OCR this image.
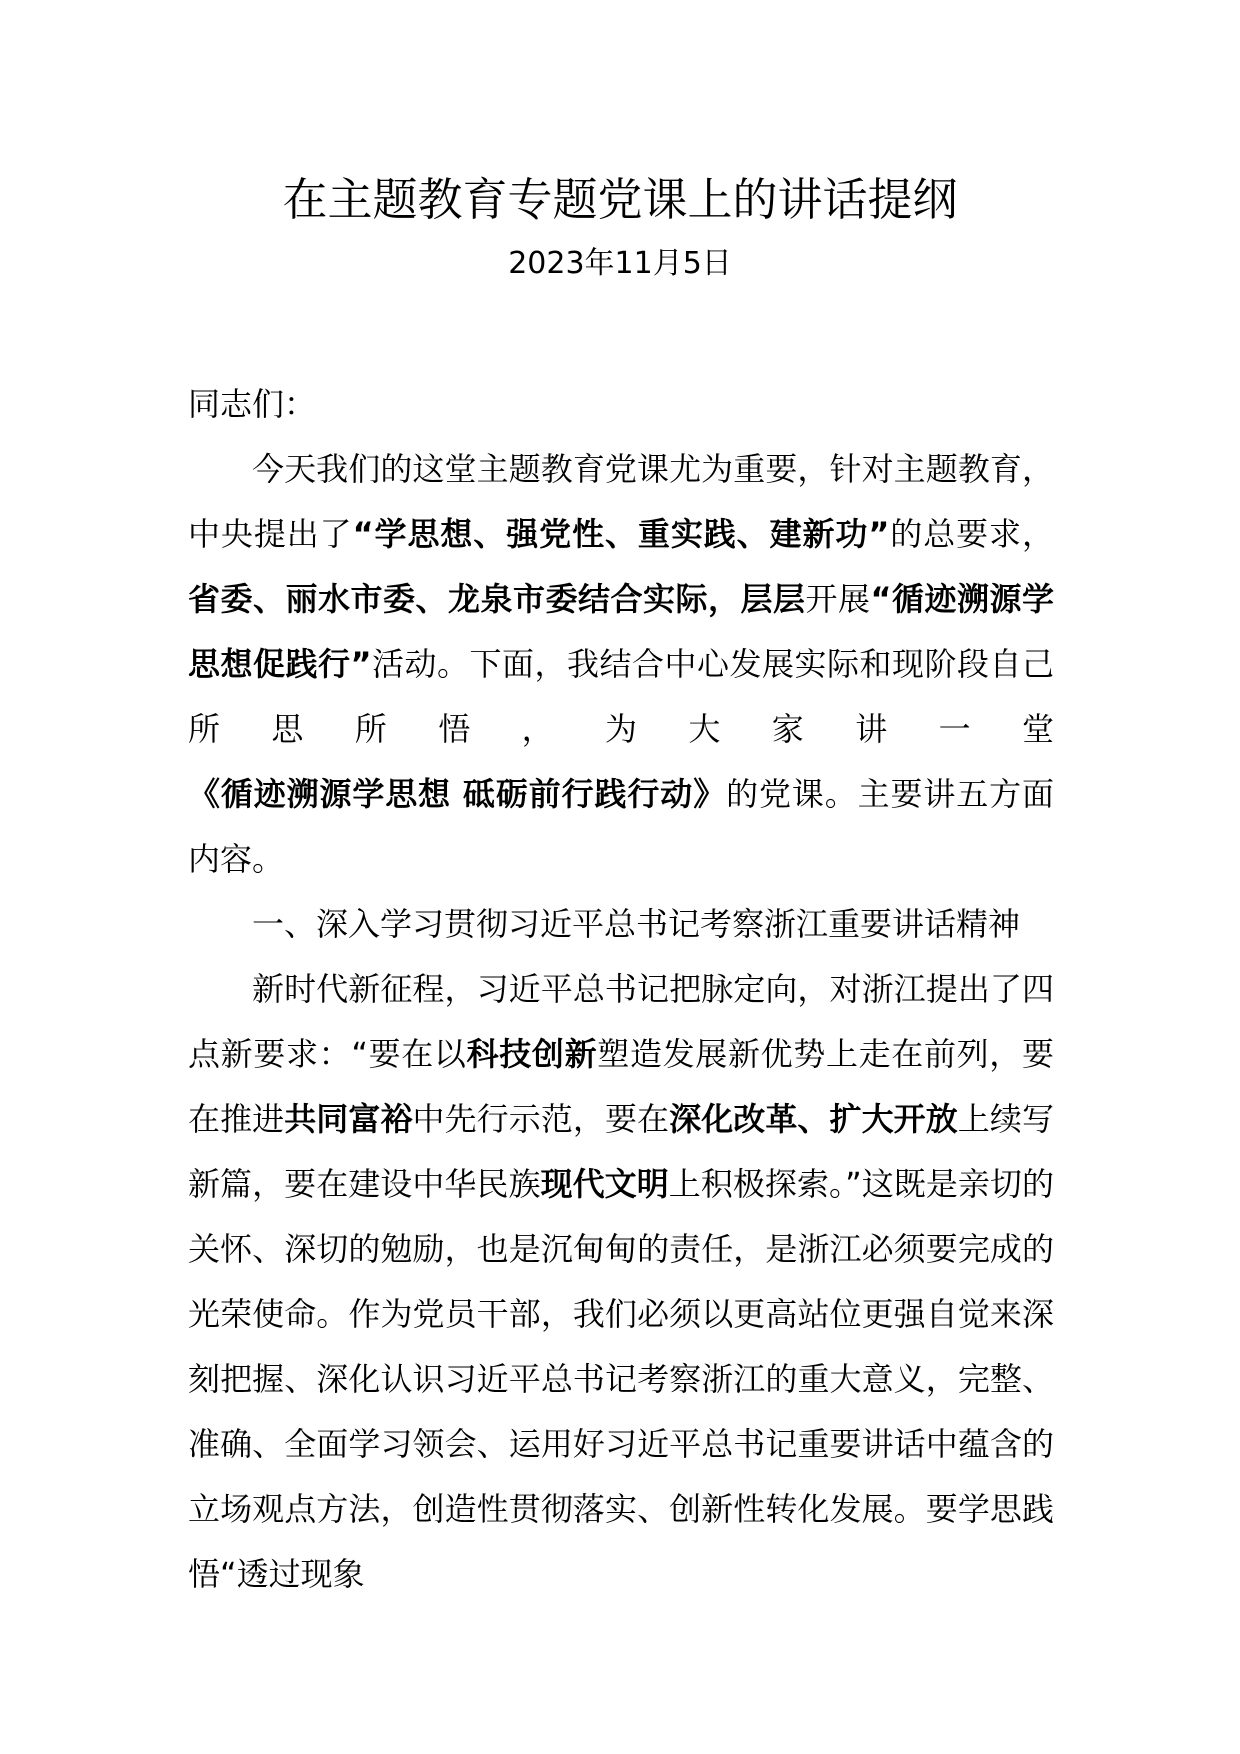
在主题教育专题党课上的讲话提纲
2023年11月5日

同志们：

今天我们的这堂主题教育党课尤为重要，针对主题教育，中央提出了“学思想、强党性、重实践、建新功”的总要求，省委、丽水市委、龙泉市委结合实际，层层开展“循迹溯源学思想促践行”活动。下面，我结合中心发展实际和现阶段自己所思所悟，为大家讲一堂《循迹溯源学思想 砥砺前行践行动》的党课。主要讲五方面内容。

一、深入学习贯彻习近平总书记考察浙江重要讲话精神

新时代新征程，习近平总书记把脉定向，对浙江提出了四点新要求：“要在以科技创新塑造发展新优势上走在前列，要在推进共同富裕中先行示范，要在深化改革、扩大开放上续写新篇，要在建设中华民族现代文明上积极探索。”这既是亲切的关怀、深切的勉励，也是沉甸甸的责任，是浙江必须要完成的光荣使命。作为党员干部，我们必须以更高站位更强自觉来深刻把握、深化认识习近平总书记考察浙江的重大意义，完整、准确、全面学习领会、运用好习近平总书记重要讲话中蕴含的立场观点方法，创造性贯彻落实、创新性转化发展。要学思践悟“透过现象
